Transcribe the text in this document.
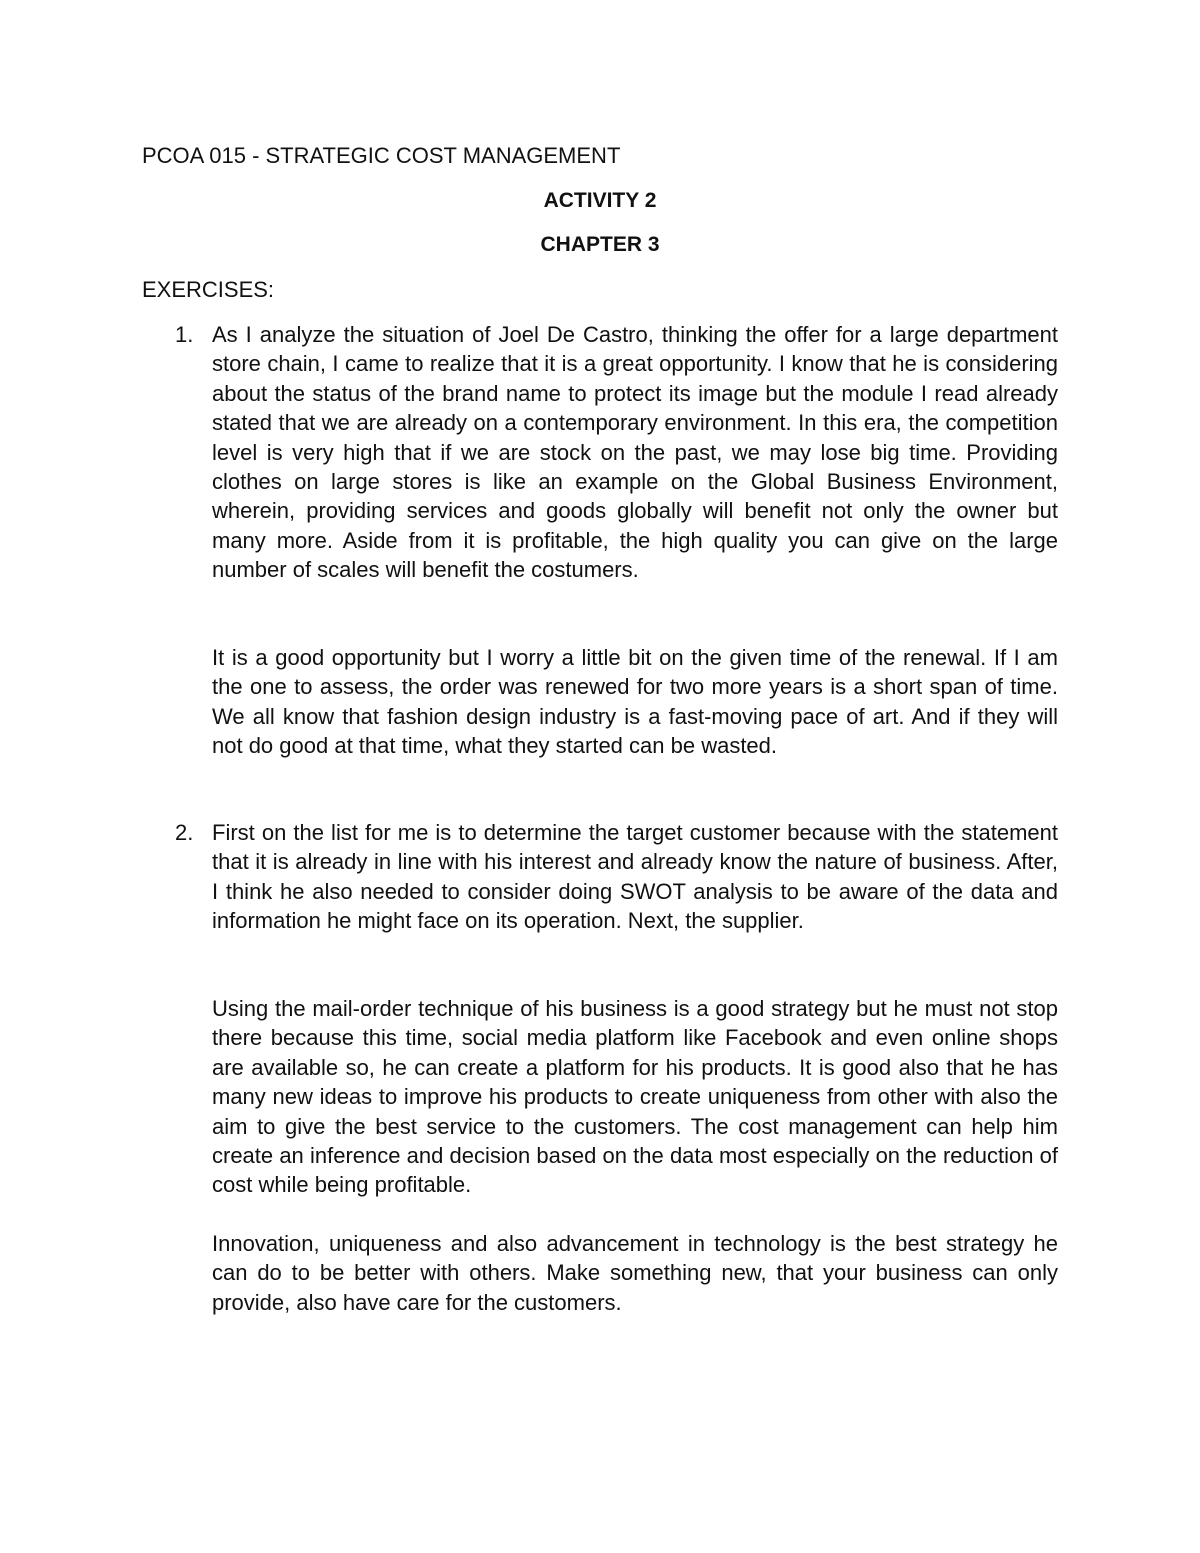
PCOA 015 - STRATEGIC COST MANAGEMENT
ACTIVITY 2
CHAPTER 3
EXERCISES:
1. As I analyze the situation of Joel De Castro, thinking the offer for a large department store chain, I came to realize that it is a great opportunity. I know that he is considering about the status of the brand name to protect its image but the module I read already stated that we are already on a contemporary environment. In this era, the competition level is very high that if we are stock on the past, we may lose big time. Providing clothes on large stores is like an example on the Global Business Environment, wherein, providing services and goods globally will benefit not only the owner but many more. Aside from it is profitable, the high quality you can give on the large number of scales will benefit the costumers.

It is a good opportunity but I worry a little bit on the given time of the renewal. If I am the one to assess, the order was renewed for two more years is a short span of time. We all know that fashion design industry is a fast-moving pace of art. And if they will not do good at that time, what they started can be wasted.

2. First on the list for me is to determine the target customer because with the statement that it is already in line with his interest and already know the nature of business. After, I think he also needed to consider doing SWOT analysis to be aware of the data and information he might face on its operation. Next, the supplier.

Using the mail-order technique of his business is a good strategy but he must not stop there because this time, social media platform like Facebook and even online shops are available so, he can create a platform for his products. It is good also that he has many new ideas to improve his products to create uniqueness from other with also the aim to give the best service to the customers. The cost management can help him create an inference and decision based on the data most especially on the reduction of cost while being profitable.

Innovation, uniqueness and also advancement in technology is the best strategy he can do to be better with others. Make something new, that your business can only provide, also have care for the customers.
